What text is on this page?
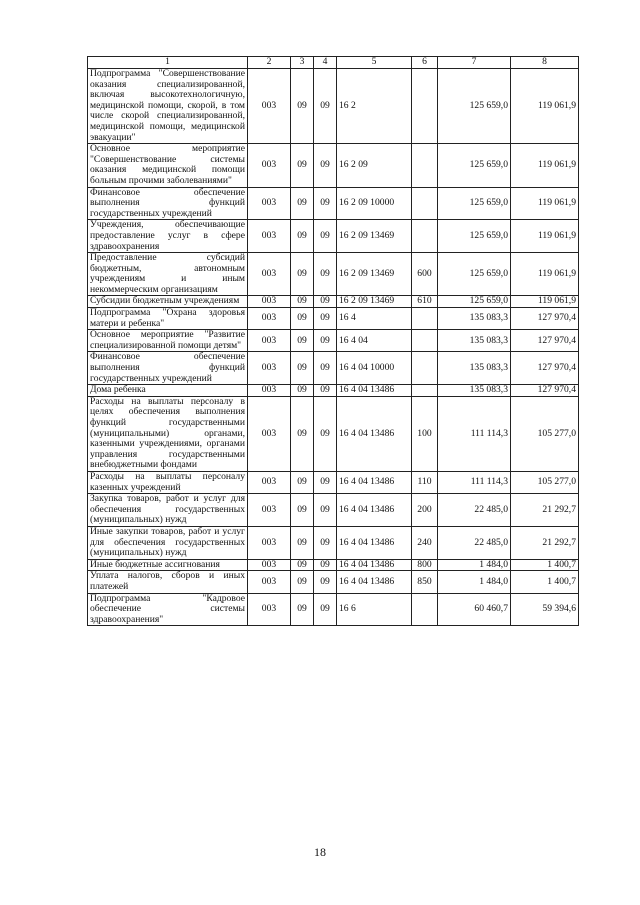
1	2	3	4	5	6	7	8
Подпрограмма "Совершенствование оказания специализированной, включая высокотехнологичную, медицинской помощи, скорой, в том числе скорой специализированной, медицинской помощи, медицинской эвакуации"	003	09	09	16 2		125 659,0	119 061,9
Основное мероприятие "Совершенствование системы оказания медицинской помощи больным прочими заболеваниями"	003	09	09	16 2 09		125 659,0	119 061,9
Финансовое обеспечение выполнения функций государственных учреждений	003	09	09	16 2 09 10000		125 659,0	119 061,9
Учреждения, обеспечивающие предоставление услуг в сфере здравоохранения	003	09	09	16 2 09 13469		125 659,0	119 061,9
Предоставление субсидий бюджетным, автономным учреждениям и иным некоммерческим организациям	003	09	09	16 2 09 13469	600	125 659,0	119 061,9
Субсидии бюджетным учреждениям	003	09	09	16 2 09 13469	610	125 659,0	119 061,9
Подпрограмма "Охрана здоровья матери и ребенка"	003	09	09	16 4		135 083,3	127 970,4
Основное мероприятие "Развитие специализированной помощи детям"	003	09	09	16 4 04		135 083,3	127 970,4
Финансовое обеспечение выполнения функций государственных учреждений	003	09	09	16 4 04 10000		135 083,3	127 970,4
Дома ребенка	003	09	09	16 4 04 13486		135 083,3	127 970,4
Расходы на выплаты персоналу в целях обеспечения выполнения функций государственными (муниципальными) органами, казенными учреждениями, органами управления государственными внебюджетными фондами	003	09	09	16 4 04 13486	100	111 114,3	105 277,0
Расходы на выплаты персоналу казенных учреждений	003	09	09	16 4 04 13486	110	111 114,3	105 277,0
Закупка товаров, работ и услуг для обеспечения государственных (муниципальных) нужд	003	09	09	16 4 04 13486	200	22 485,0	21 292,7
Иные закупки товаров, работ и услуг для обеспечения государственных (муниципальных) нужд	003	09	09	16 4 04 13486	240	22 485,0	21 292,7
Иные бюджетные ассигнования	003	09	09	16 4 04 13486	800	1 484,0	1 400,7
Уплата налогов, сборов и иных платежей	003	09	09	16 4 04 13486	850	1 484,0	1 400,7
Подпрограмма "Кадровое обеспечение системы здравоохранения"	003	09	09	16 6		60 460,7	59 394,6
18
